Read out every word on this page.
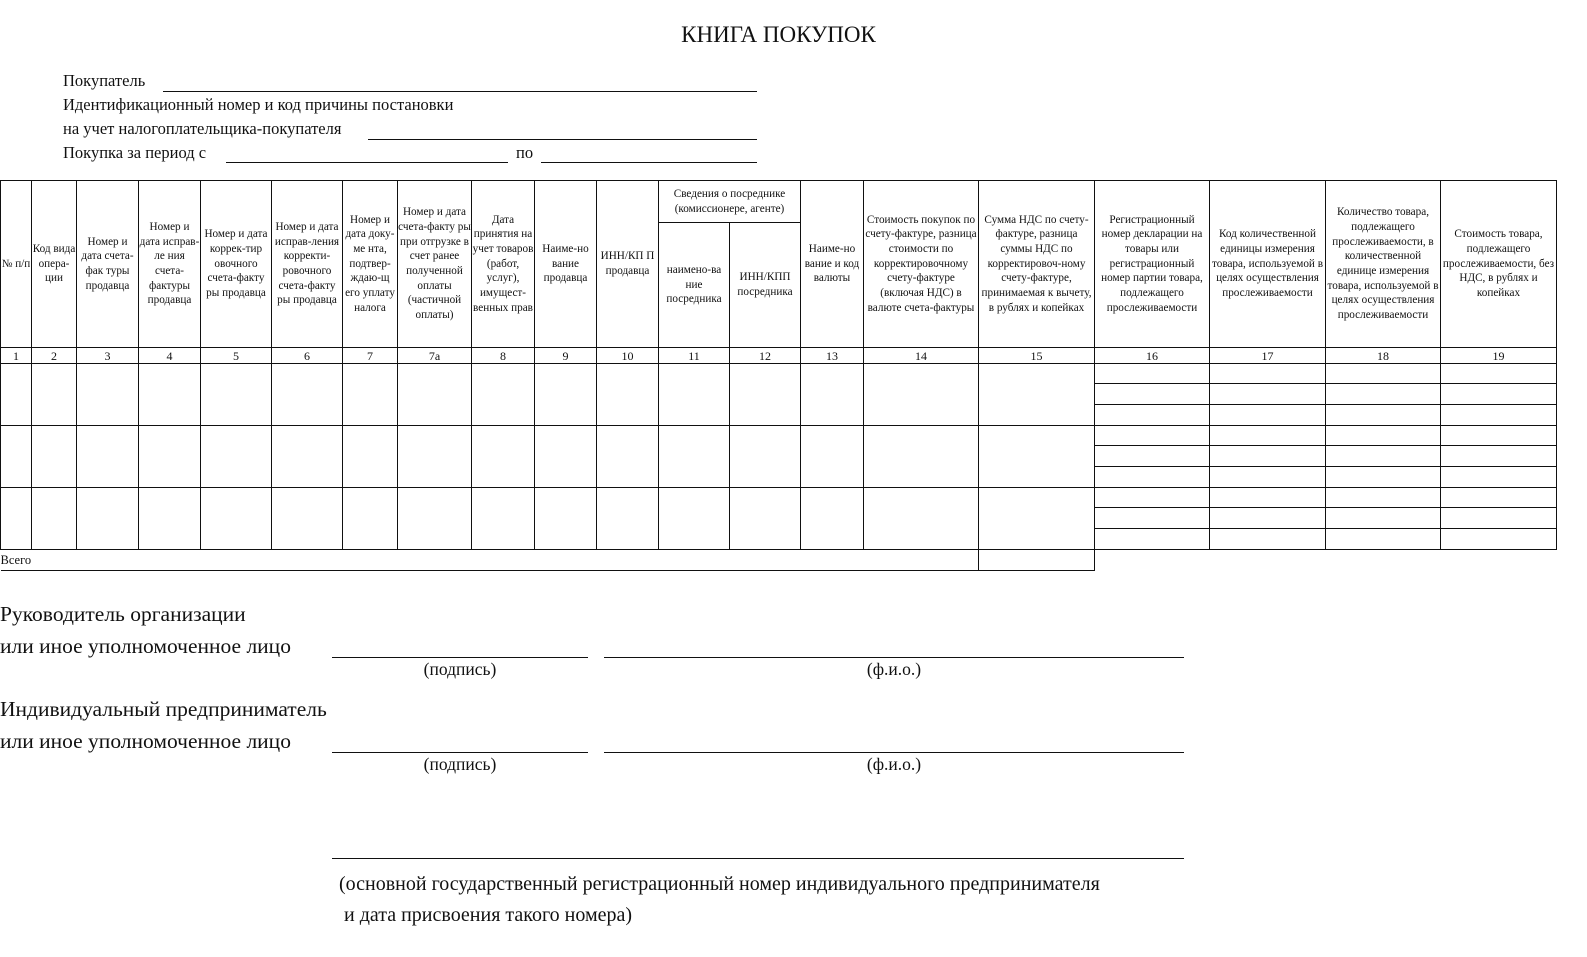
КНИГА ПОКУПОК
Покупатель
Идентификационный номер и код причины постановки
на учет налогоплательщика-покупателя
Покупка за период с	по
№ п/п	Код вида опера-ции	Номер и дата счета-фак туры продавца	Номер и дата исправ-ле ния счета-фактуры продавца	Номер и дата коррек-тир овочного счета-факту ры продавца	Номер и дата исправ-ления корректи-ровочного счета-факту ры продавца	Номер и дата доку-ме нта, подтвер-ждаю-щ его уплату налога	Номер и дата счета-факту ры при отгрузке в счет ранее полученной оплаты (частичной оплаты)	Дата принятия на учет товаров (работ, услуг), имущест-венных прав	Наиме-но вание продавца	ИНН/КП П продавца	Сведения о посреднике (комиссионере, агенте)		Наиме-но вание и код валюты	Стоимость покупок по счету-фактуре, разница стоимости по корректировочному счету-фактуре (включая НДС) в валюте счета-фактуры	Сумма НДС по счету-фактуре, разница суммы НДС по корректировоч-ному счету-фактуре, принимаемая к вычету, в рублях и копейках	Регистрационный номер декларации на товары или регистрационный номер партии товара, подлежащего прослеживаемости	Код количественной единицы измерения товара, используемой в целях осуществления прослеживаемости	Количество товара, подлежащего прослеживаемости, в количественной единице измерения товара, используемой в целях осуществления прослеживаемости	Стоимость товара, подлежащего прослеживаемости, без НДС, в рублях и копейках
											наимено-ва ние посредника	ИНН/КПП посредника							
1	2	3	4	5	6	7	7а	8	9	10	11	12	13	14	15	16	17	18	19

Всего																			
Руководитель организации
или иное уполномоченное лицо
(подпись)	(ф.и.о.)
Индивидуальный предприниматель
или иное уполномоченное лицо
(подпись)	(ф.и.о.)
(основной государственный регистрационный номер индивидуального предпринимателя
и дата присвоения такого номера)
